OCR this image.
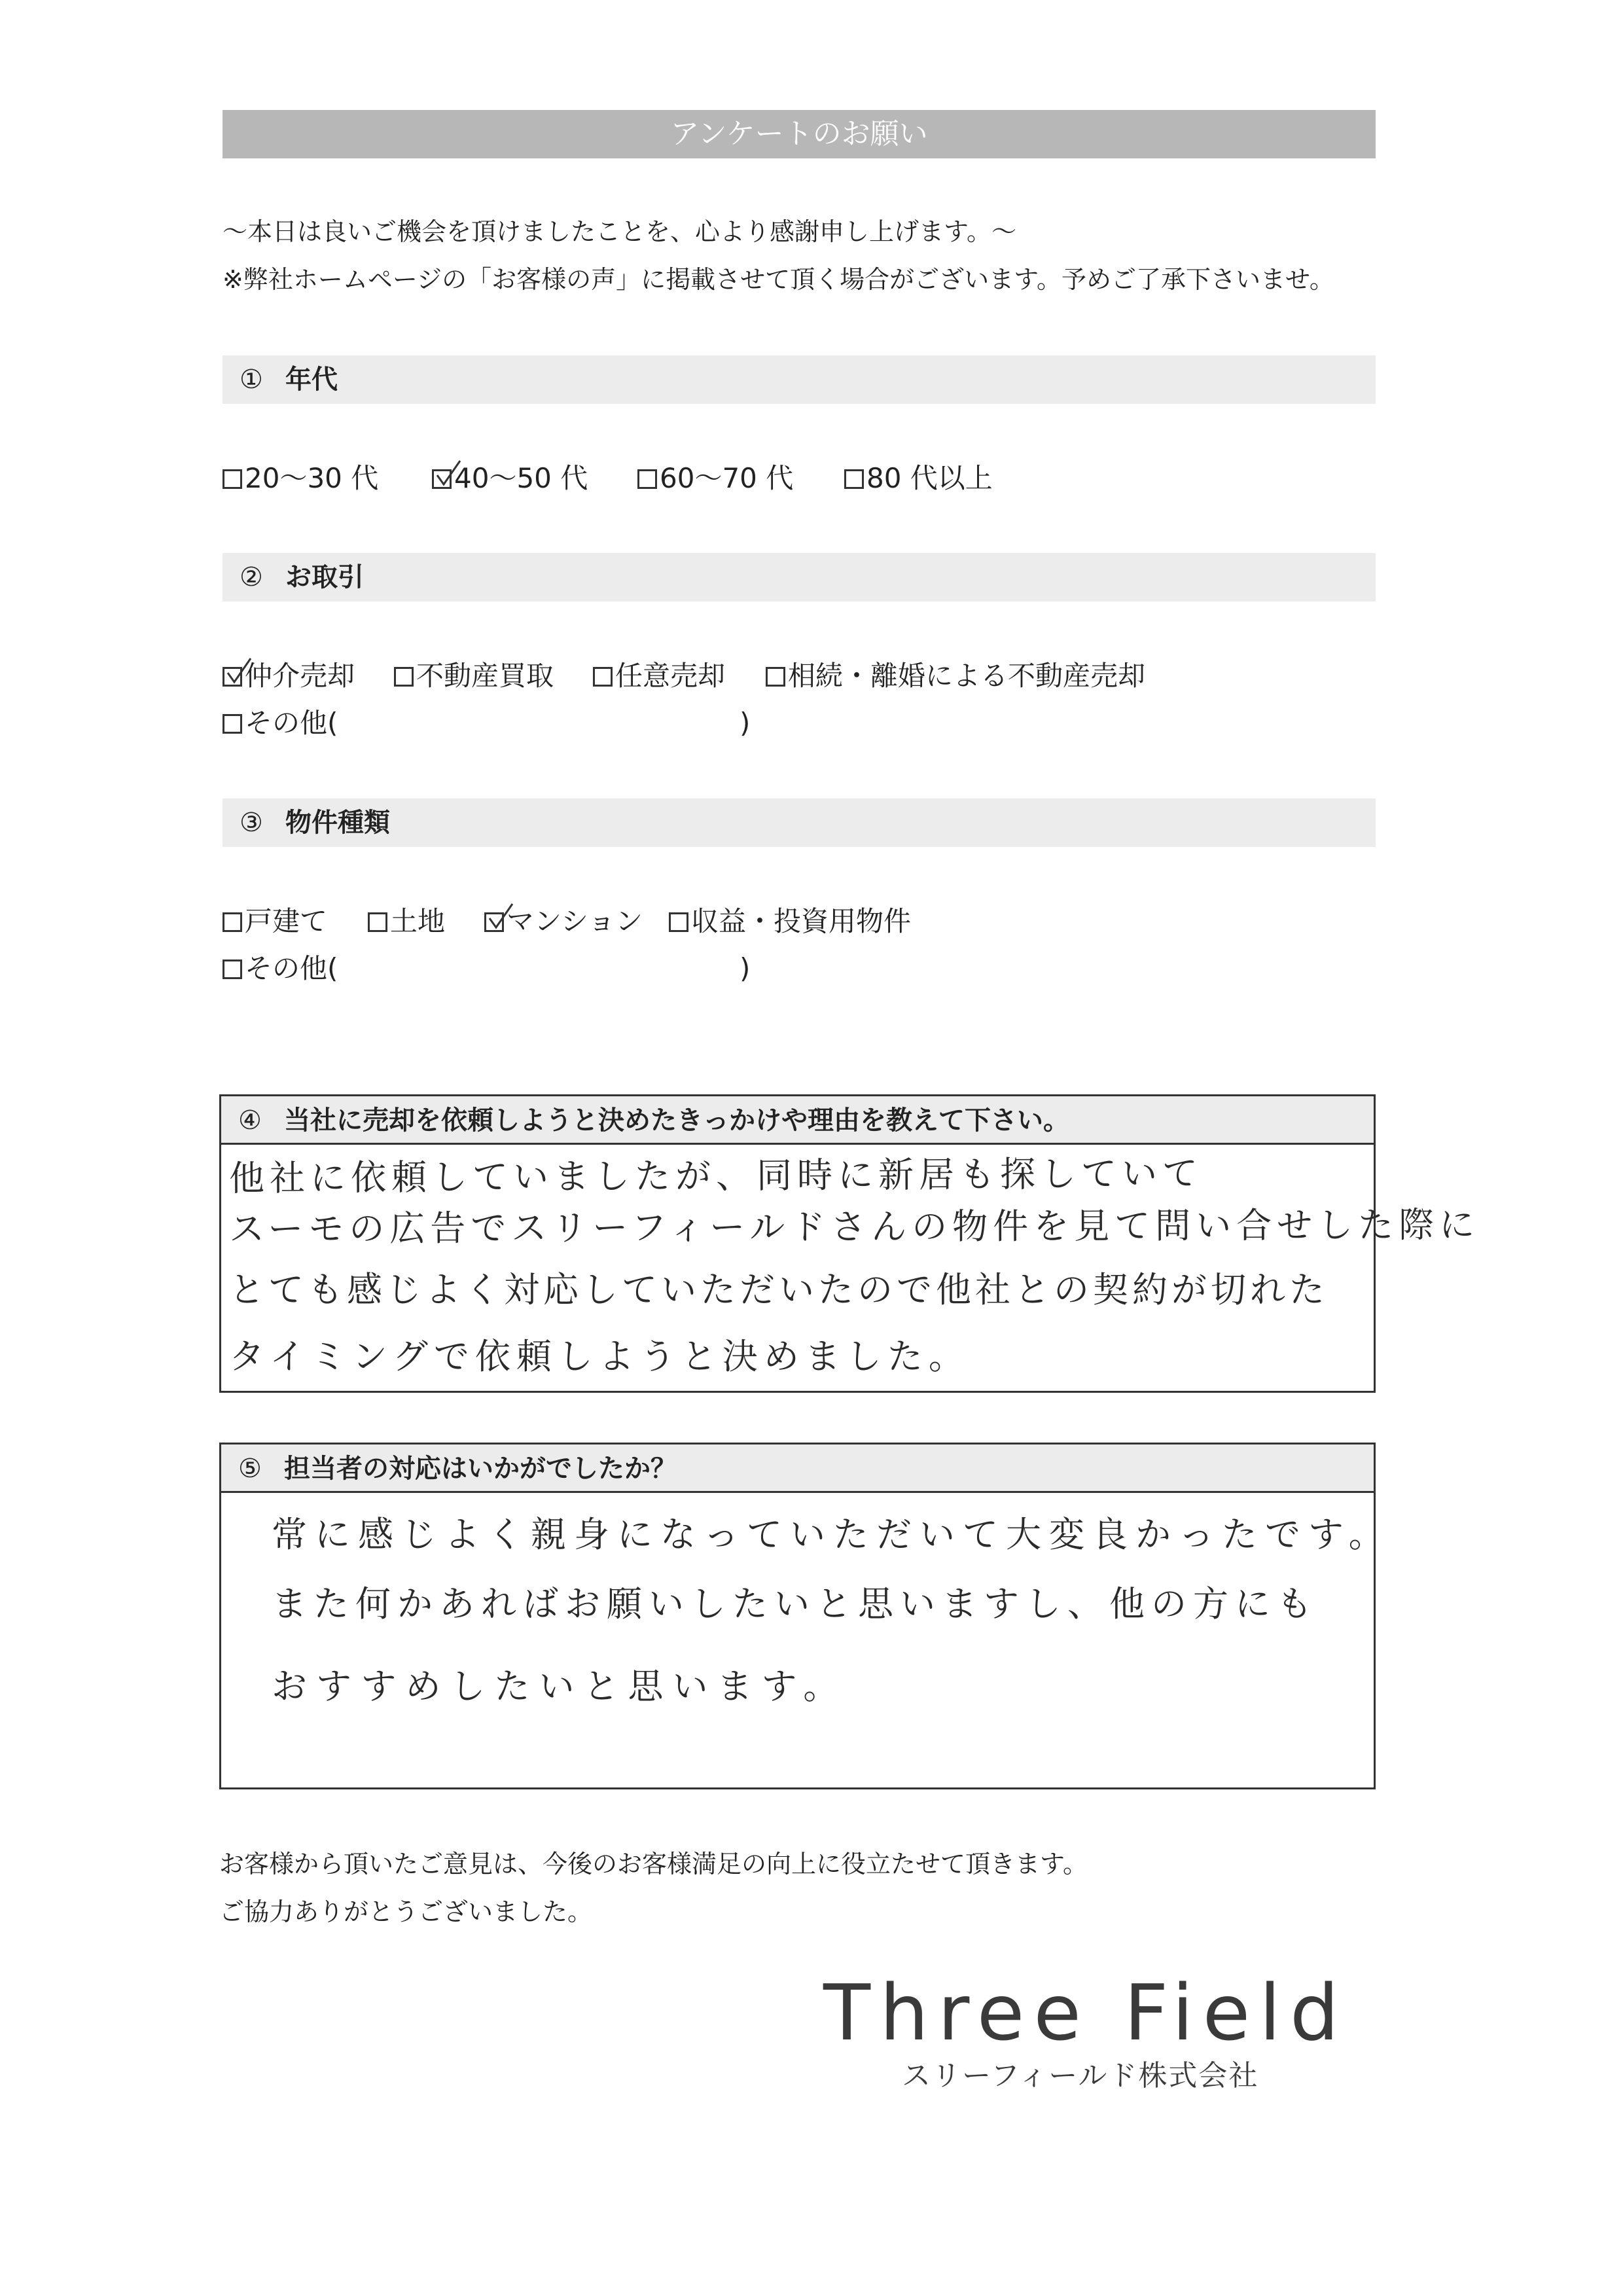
アンケートのお願い
～本日は良いご機会を頂けましたことを、心より感謝申し上げます。～
※弊社ホームページの「お客様の声」に掲載させて頂く場合がございます。予めご了承下さいませ。
① 年代
20～30 代	40～50 代	60～70 代	80 代以上
② お取引
仲介売却	不動産買取	任意売却	相続・離婚による不動産売却
その他(	)
③ 物件種類
戸建て	土地	マンション	収益・投資用物件
その他(	)
④ 当社に売却を依頼しようと決めたきっかけや理由を教えて下さい。
他社に依頼していましたが、同時に新居も探していて
スーモの広告でスリーフィールドさんの物件を見て問い合せした際に
とても感じよく対応していただいたので他社との契約が切れた
タイミングで依頼しようと決めました。
⑤ 担当者の対応はいかがでしたか？
常に感じよく親身になっていただいて大変良かったです。
また何かあればお願いしたいと思いますし、他の方にも
おすすめしたいと思います。
お客様から頂いたご意見は、今後のお客様満足の向上に役立たせて頂きます。
ご協力ありがとうございました。
Three Field
スリーフィールド株式会社
